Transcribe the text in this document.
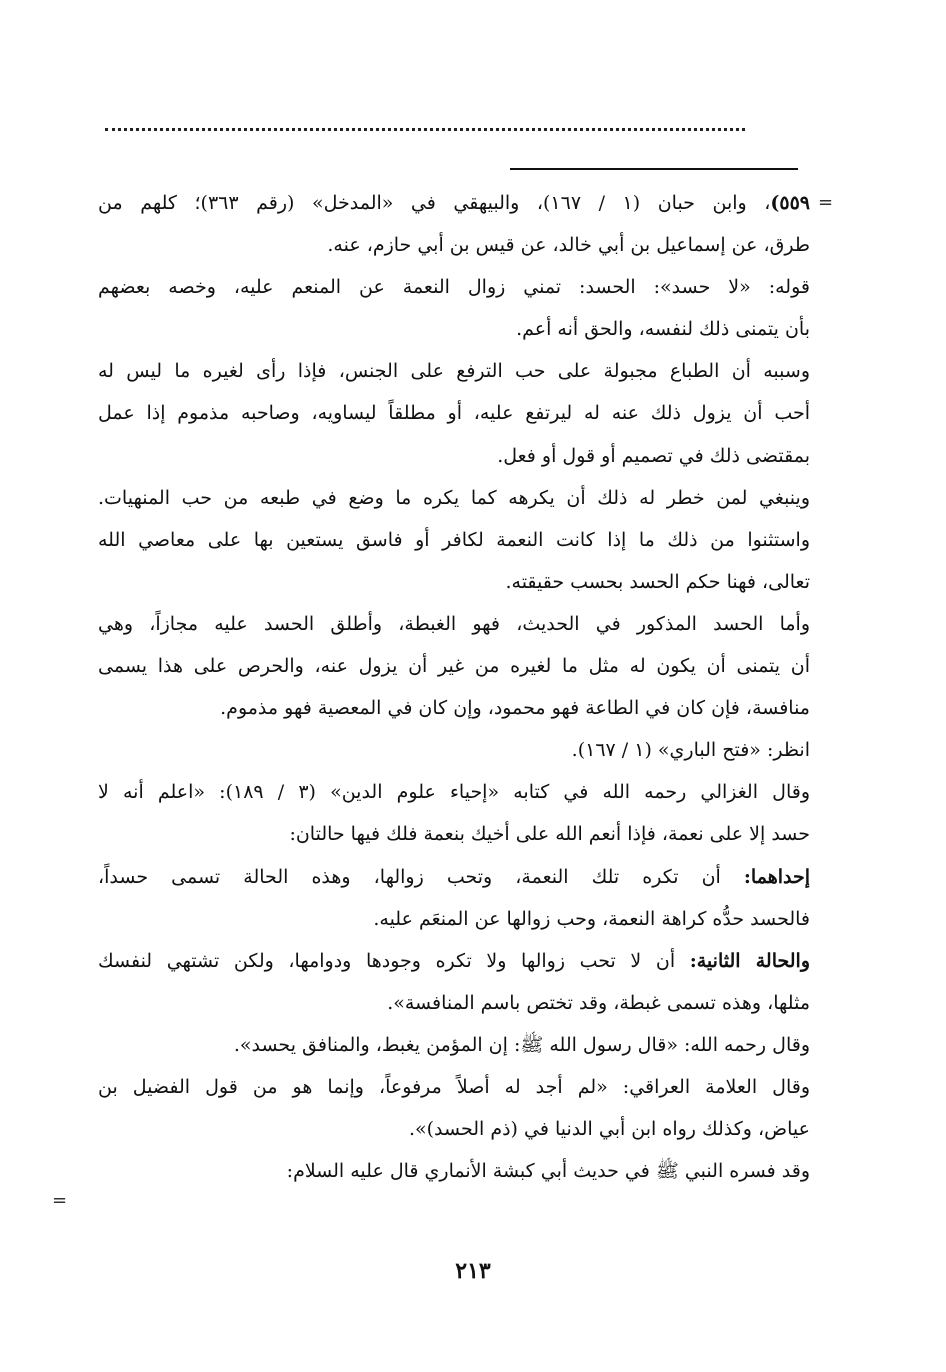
=
=
٥٥٩)، وابن حبان (١ / ١٦٧)، والبيهقي في «المدخل» (رقم ٣٦٣)؛ كلهم من
طرق، عن إسماعيل بن أبي خالد، عن قيس بن أبي حازم، عنه.
قوله: «لا حسد»: الحسد: تمني زوال النعمة عن المنعم عليه، وخصه بعضهم
بأن يتمنى ذلك لنفسه، والحق أنه أعم.
وسببه أن الطباع مجبولة على حب الترفع على الجنس، فإذا رأى لغيره ما ليس له
أحب أن يزول ذلك عنه له ليرتفع عليه، أو مطلقاً ليساويه، وصاحبه مذموم إذا عمل
بمقتضى ذلك في تصميم أو قول أو فعل.
وينبغي لمن خطر له ذلك أن يكرهه كما يكره ما وضع في طبعه من حب المنهيات.
واستثنوا من ذلك ما إذا كانت النعمة لكافر أو فاسق يستعين بها على معاصي الله
تعالى، فهنا حكم الحسد بحسب حقيقته.
وأما الحسد المذكور في الحديث، فهو الغبطة، وأطلق الحسد عليه مجازاً، وهي
أن يتمنى أن يكون له مثل ما لغيره من غير أن يزول عنه، والحرص على هذا يسمى
منافسة، فإن كان في الطاعة فهو محمود، وإن كان في المعصية فهو مذموم.
انظر: «فتح الباري» (١ / ١٦٧).
وقال الغزالي رحمه الله في كتابه «إحياء علوم الدين» (٣ / ١٨٩): «اعلم أنه لا
حسد إلا على نعمة، فإذا أنعم الله على أخيك بنعمة فلك فيها حالتان:
إحداهما: أن تكره تلك النعمة، وتحب زوالها، وهذه الحالة تسمى حسداً،
فالحسد حدُّه كراهة النعمة، وحب زوالها عن المنعَم عليه.
والحالة الثانية: أن لا تحب زوالها ولا تكره وجودها ودوامها، ولكن تشتهي لنفسك
مثلها، وهذه تسمى غبطة، وقد تختص باسم المنافسة».
وقال رحمه الله: «قال رسول الله ﷺ: إن المؤمن يغبط، والمنافق يحسد».
وقال العلامة العراقي: «لم أجد له أصلاً مرفوعاً، وإنما هو من قول الفضيل بن
عياض، وكذلك رواه ابن أبي الدنيا في (ذم الحسد)».
وقد فسره النبي ﷺ في حديث أبي كبشة الأنماري قال عليه السلام:
٢١٣
